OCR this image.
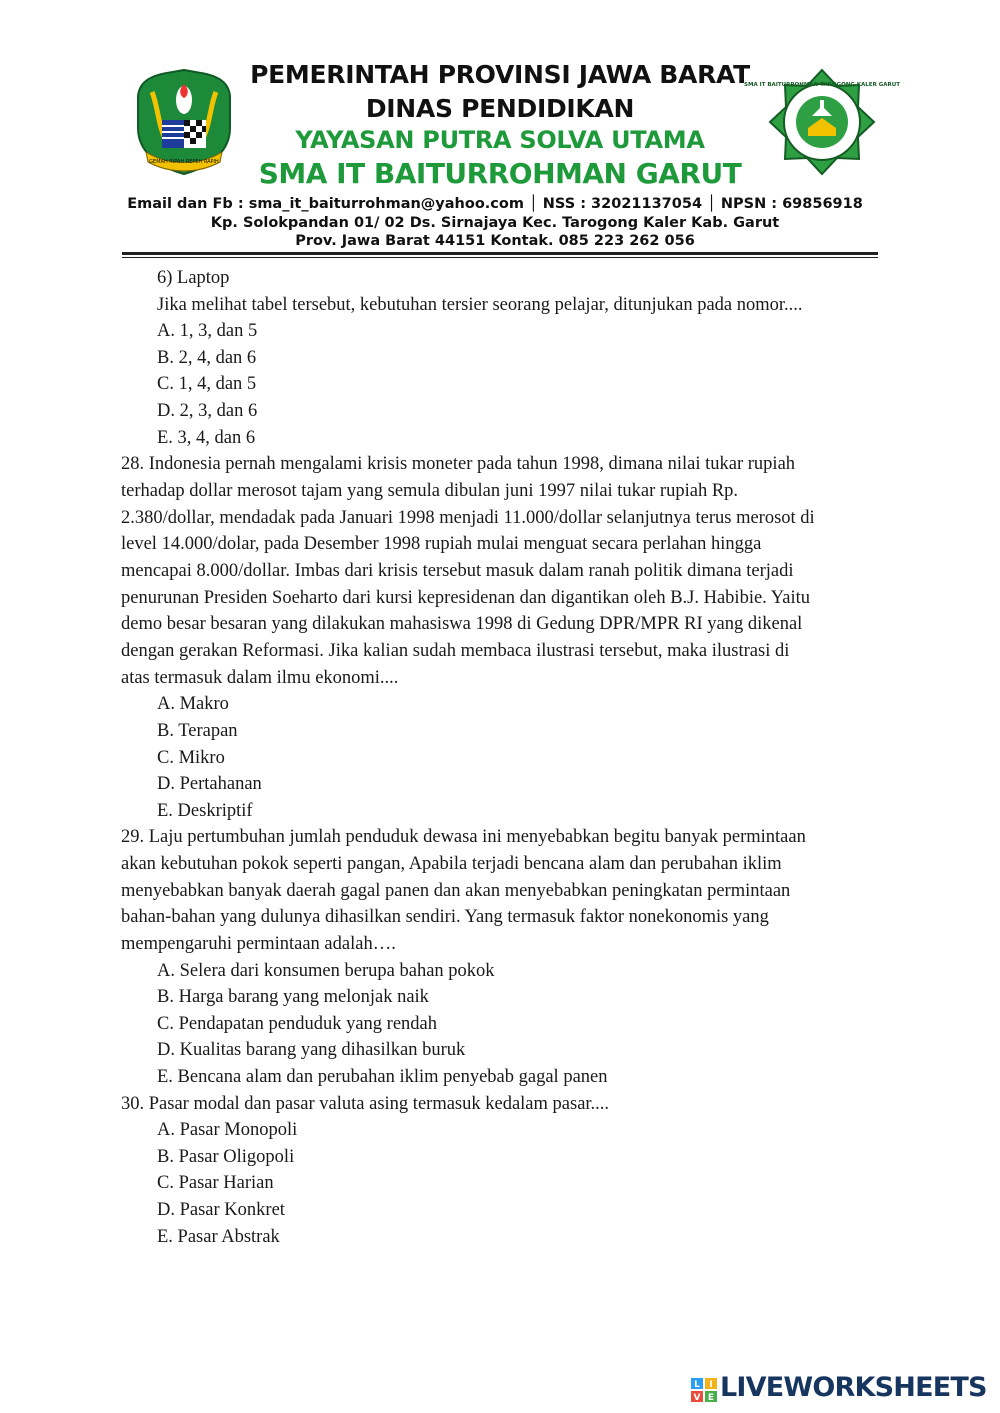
GEMAH RIPAH REPEH RAPIH
PEMERINTAH PROVINSI JAWA BARAT
DINAS PENDIDIKAN
YAYASAN PUTRA SOLVA UTAMA
SMA IT BAITURROHMAN GARUT
SMA IT BAITURROHMAN TAROGONG KALER GARUT
Email dan Fb : sma_it_baiturrohman@yahoo.com │ NSS : 32021137054 │ NPSN : 69856918
Kp. Solokpandan 01/ 02 Ds. Sirnajaya Kec. Tarogong Kaler Kab. Garut
Prov. Jawa Barat 44151 Kontak. 085 223 262 056
6) Laptop
Jika melihat tabel tersebut, kebutuhan tersier seorang pelajar, ditunjukan pada nomor....
A. 1, 3, dan 5
B. 2, 4, dan 6
C. 1, 4, dan 5
D. 2, 3, dan 6
E. 3, 4, dan 6
28. Indonesia pernah mengalami krisis moneter pada tahun 1998, dimana nilai tukar rupiah
terhadap dollar merosot tajam yang semula dibulan juni 1997 nilai tukar rupiah Rp.
2.380/dollar, mendadak pada Januari 1998 menjadi 11.000/dollar selanjutnya terus merosot di
level 14.000/dolar, pada Desember 1998 rupiah mulai menguat secara perlahan hingga
mencapai 8.000/dollar. Imbas dari krisis tersebut masuk dalam ranah politik dimana terjadi
penurunan Presiden Soeharto dari kursi kepresidenan dan digantikan oleh B.J. Habibie. Yaitu
demo besar besaran yang dilakukan mahasiswa 1998 di Gedung DPR/MPR RI yang dikenal
dengan gerakan Reformasi. Jika kalian sudah membaca ilustrasi tersebut, maka ilustrasi di
atas termasuk dalam ilmu ekonomi....
A. Makro
B. Terapan
C. Mikro
D. Pertahanan
E. Deskriptif
29. Laju pertumbuhan jumlah penduduk dewasa ini menyebabkan begitu banyak permintaan
akan kebutuhan pokok seperti pangan, Apabila terjadi bencana alam dan perubahan iklim
menyebabkan banyak daerah gagal panen dan akan menyebabkan peningkatan permintaan
bahan-bahan yang dulunya dihasilkan sendiri. Yang termasuk faktor nonekonomis yang
mempengaruhi permintaan adalah….
A. Selera dari konsumen berupa bahan pokok
B. Harga barang yang melonjak naik
C. Pendapatan penduduk yang rendah
D. Kualitas barang yang dihasilkan buruk
E. Bencana alam dan perubahan iklim penyebab gagal panen
30. Pasar modal dan pasar valuta asing termasuk kedalam pasar....
A. Pasar Monopoli
B. Pasar Oligopoli
C. Pasar Harian
D. Pasar Konkret
E. Pasar Abstrak
L I
V E LIVEWORKSHEETS
